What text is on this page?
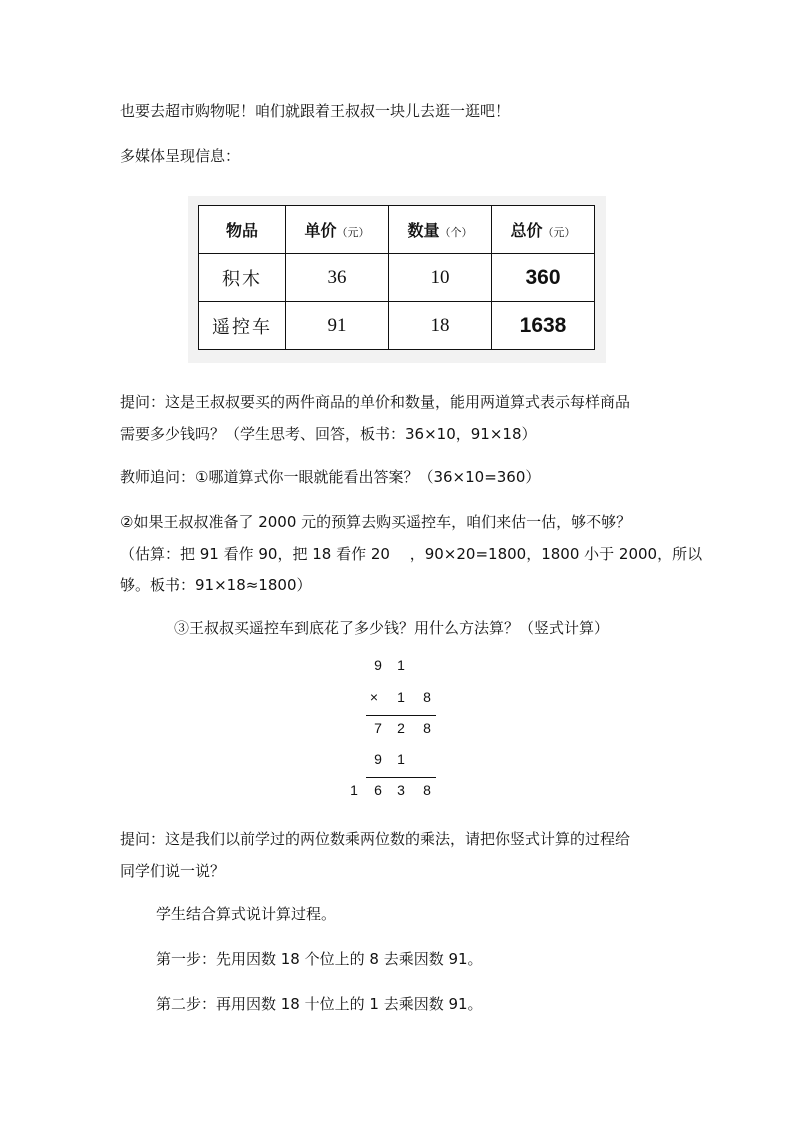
也要去超市购物呢！咱们就跟着王叔叔一块儿去逛一逛吧！
多媒体呈现信息：
物品	单价（元）	数量（个）	总价（元）
积木	36	10	360
遥控车	91	18	1638
提问：这是王叔叔要买的两件商品的单价和数量，能用两道算式表示每样商品
需要多少钱吗？（学生思考、回答，板书：36×10，91×18）
教师追问：①哪道算式你一眼就能看出答案？（36×10=360）
②如果王叔叔准备了 2000 元的预算去购买遥控车，咱们来估一估，够不够？
（估算：把 91 看作 90，把 18 看作 20 　，90×20=1800，1800 小于 2000，所以
够。板书：91×18≈1800）
③王叔叔买遥控车到底花了多少钱？用什么方法算？（竖式计算）
9	1
×	1	8
7	2	8
9	1
1	6	3	8
提问：这是我们以前学过的两位数乘两位数的乘法，请把你竖式计算的过程给
同学们说一说？
学生结合算式说计算过程。
第一步：先用因数 18 个位上的 8 去乘因数 91。
第二步：再用因数 18 十位上的 1 去乘因数 91。
